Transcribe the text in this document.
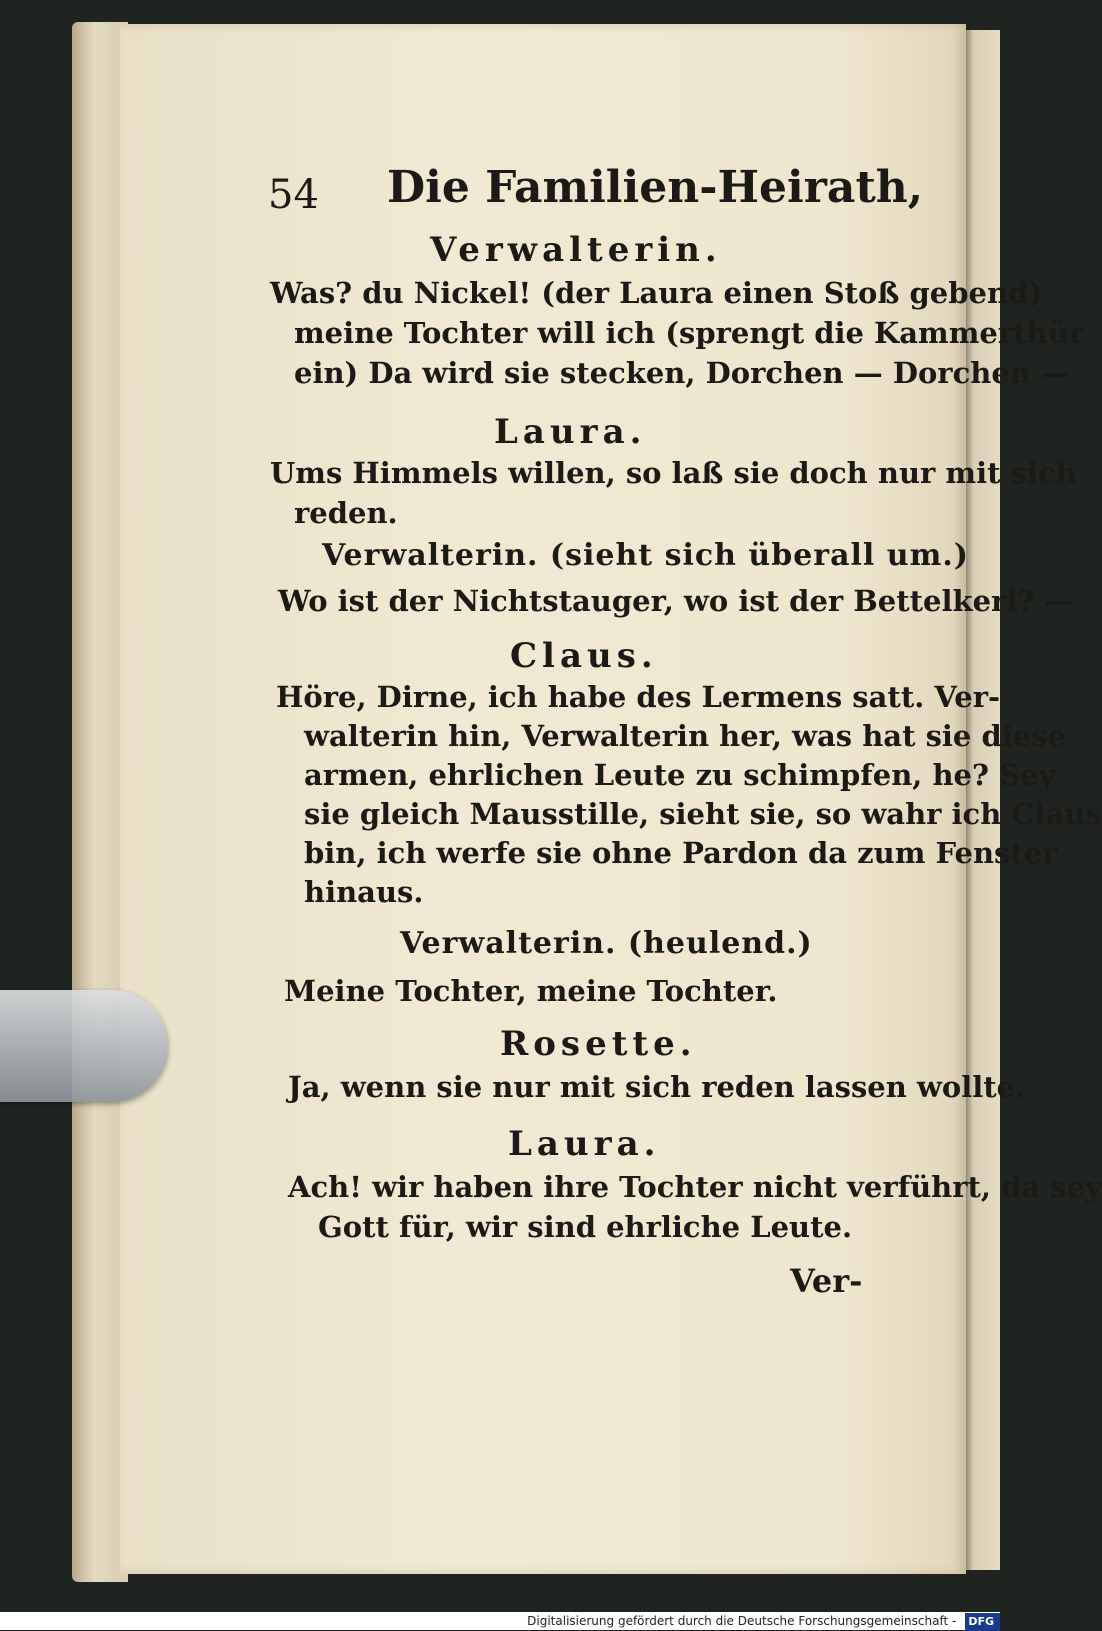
54 Die Familien-Heirath,
Verwalterin.
Was? du Nickel! (der Laura einen Stoß gebend)
meine Tochter will ich (sprengt die Kammerthür
ein) Da wird sie stecken, Dorchen — Dorchen —
Laura.
Ums Himmels willen, so laß sie doch nur mit sich
reden.
Verwalterin. (sieht sich überall um.)
Wo ist der Nichtstauger, wo ist der Bettelkerl? —
Claus.
Höre, Dirne, ich habe des Lermens satt. Ver-
walterin hin, Verwalterin her, was hat sie diese
armen, ehrlichen Leute zu schimpfen, he? Sey
sie gleich Mausstille, sieht sie, so wahr ich Claus
bin, ich werfe sie ohne Pardon da zum Fenster
hinaus.
Verwalterin. (heulend.)
Meine Tochter, meine Tochter.
Rosette.
Ja, wenn sie nur mit sich reden lassen wollte.
Laura.
Ach! wir haben ihre Tochter nicht verführt, da sey
Gott für, wir sind ehrliche Leute.
Ver-
Digitalisierung gefördert durch die Deutsche Forschungsgemeinschaft - DFG
